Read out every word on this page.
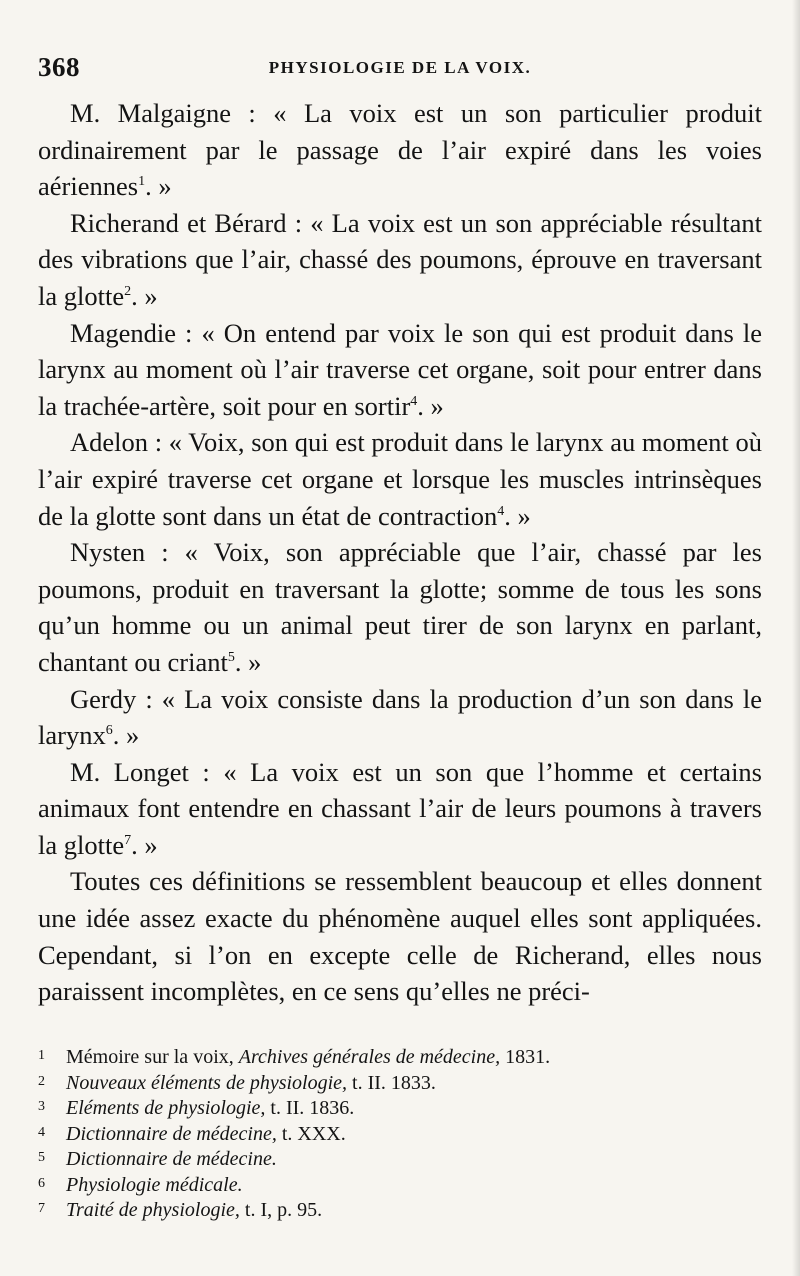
368	PHYSIOLOGIE DE LA VOIX.

M. Malgaigne : « La voix est un son particulier produit ordinairement par le passage de l’air expiré dans les voies aériennes$^1$. »

Richerand et Bérard : « La voix est un son appréciable résultant des vibrations que l’air, chassé des poumons, éprouve en traversant la glotte$^2$. »

Magendie : « On entend par voix le son qui est produit dans le larynx au moment où l’air traverse cet organe, soit pour entrer dans la trachée-artère, soit pour en sortir$^4$. »

Adelon : « Voix, son qui est produit dans le larynx au moment où l’air expiré traverse cet organe et lorsque les muscles intrinsèques de la glotte sont dans un état de contraction$^4$. »

Nysten : « Voix, son appréciable que l’air, chassé par les poumons, produit en traversant la glotte; somme de tous les sons qu’un homme ou un animal peut tirer de son larynx en parlant, chantant ou criant$^5$. »

Gerdy : « La voix consiste dans la production d’un son dans le larynx$^6$. »

M. Longet : « La voix est un son que l’homme et certains animaux font entendre en chassant l’air de leurs poumons à travers la glotte$^7$. »

Toutes ces définitions se ressemblent beaucoup et elles donnent une idée assez exacte du phénomène auquel elles sont appliquées. Cependant, si l’on en excepte celle de Richerand, elles nous paraissent incomplètes, en ce sens qu’elles ne préci-

1 Mémoire sur la voix, Archives générales de médecine, 1831.

2 Nouveaux éléments de physiologie, t. II. 1833.

3 Eléments de physiologie, t. II. 1836.

4 Dictionnaire de médecine, t. XXX.

5 Dictionnaire de médecine.

6 Physiologie médicale.

7 Traité de physiologie, t. I, p. 95.
